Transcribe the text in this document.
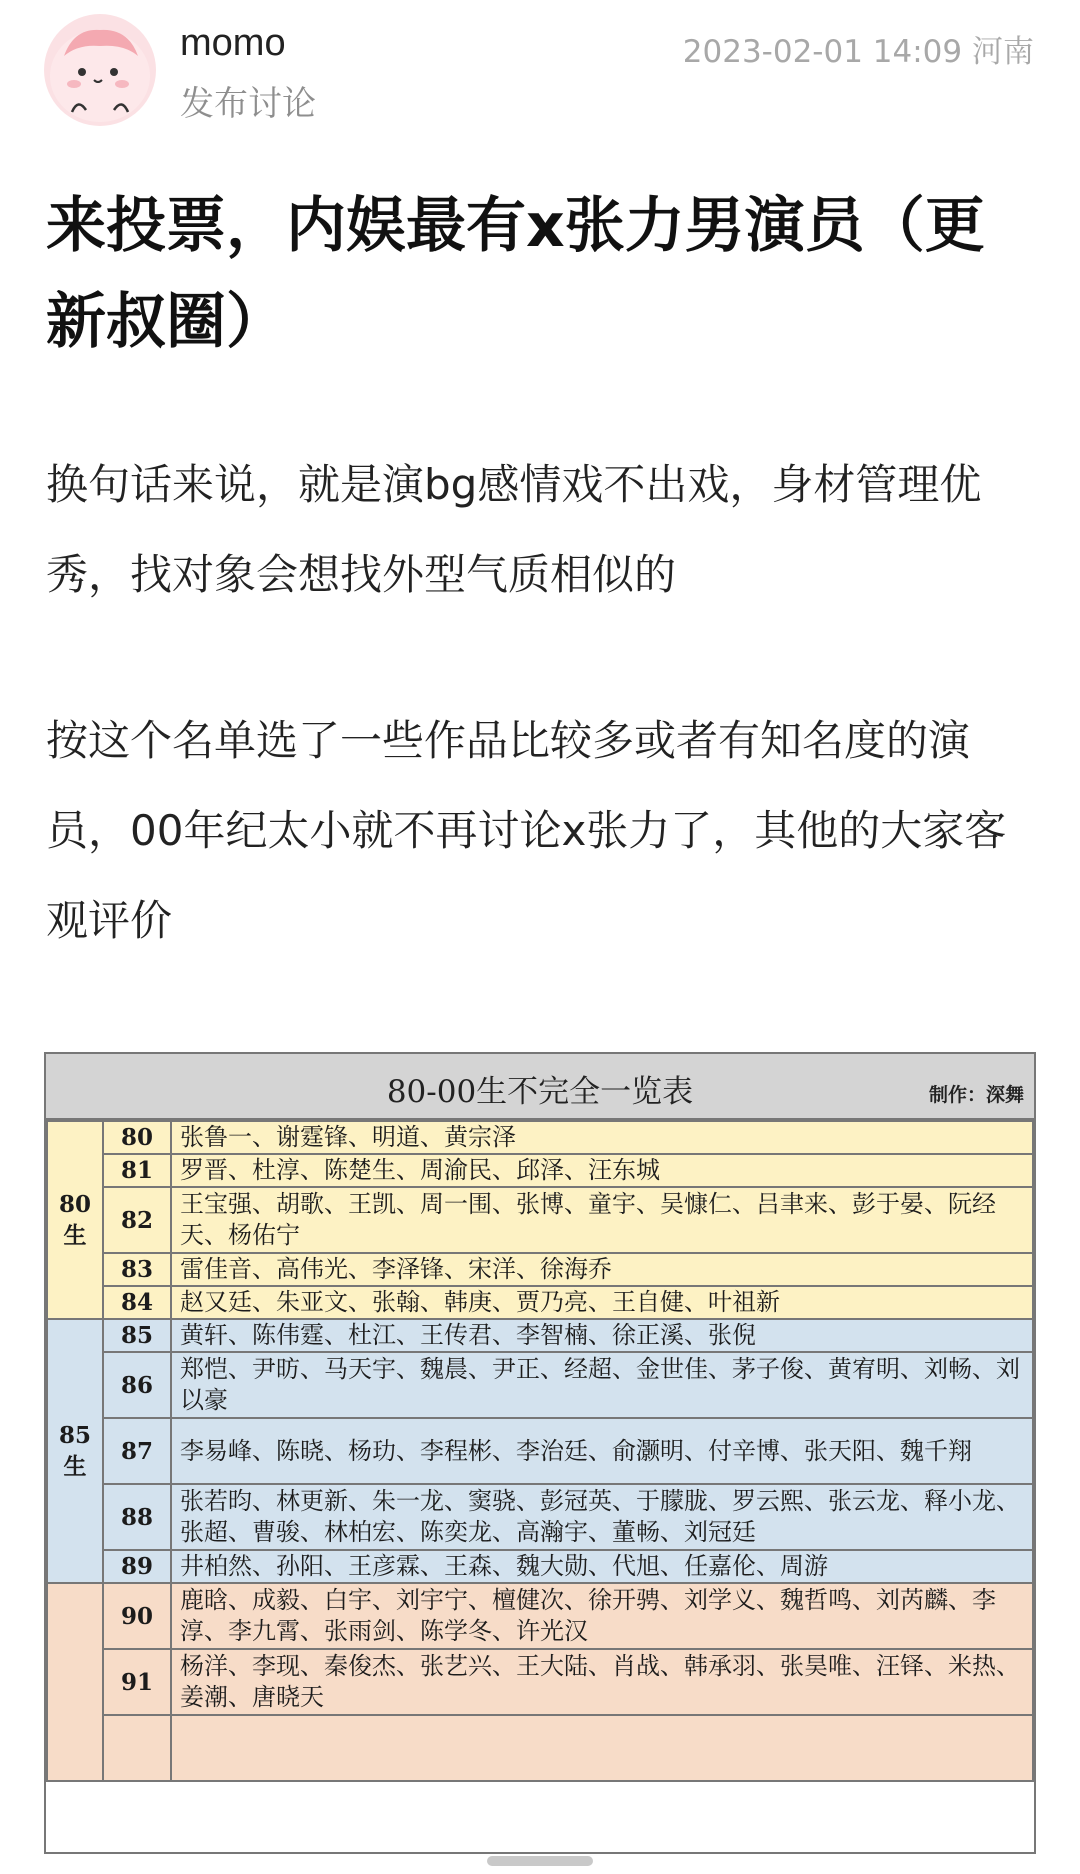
momo
发布讨论
2023-02-01 14:09 河南
来投票，内娱最有x张力男演员（更新叔圈）

换句话来说，就是演bg感情戏不出戏，身材管理优秀，找对象会想找外型气质相似的

按这个名单选了一些作品比较多或者有知名度的演员，00年纪太小就不再讨论x张力了，其他的大家客观评价

80-00生不完全一览表	制作：深舞
80生	80	张鲁一、谢霆锋、明道、黄宗泽
	81	罗晋、杜淳、陈楚生、周渝民、邱泽、汪东城
	82	王宝强、胡歌、王凯、周一围、张博、童宇、吴慷仁、吕聿来、彭于晏、阮经天、杨佑宁
	83	雷佳音、高伟光、李泽锋、宋洋、徐海乔
	84	赵又廷、朱亚文、张翰、韩庚、贾乃亮、王自健、叶祖新
85生	85	黄轩、陈伟霆、杜江、王传君、李智楠、徐正溪、张倪
	86	郑恺、尹昉、马天宇、魏晨、尹正、经超、金世佳、茅子俊、黄宥明、刘畅、刘以豪
	87	李易峰、陈晓、杨玏、李程彬、李治廷、俞灏明、付辛博、张天阳、魏千翔
	88	张若昀、林更新、朱一龙、窦骁、彭冠英、于朦胧、罗云熙、张云龙、释小龙、张超、曹骏、林柏宏、陈奕龙、高瀚宇、董畅、刘冠廷
	89	井柏然、孙阳、王彦霖、王森、魏大勋、代旭、任嘉伦、周游
	90	鹿晗、成毅、白宇、刘宇宁、檀健次、徐开骋、刘学义、魏哲鸣、刘芮麟、李淳、李九霄、张雨剑、陈学冬、许光汉
	91	杨洋、李现、秦俊杰、张艺兴、王大陆、肖战、韩承羽、张昊唯、汪铎、米热、姜潮、唐晓天
